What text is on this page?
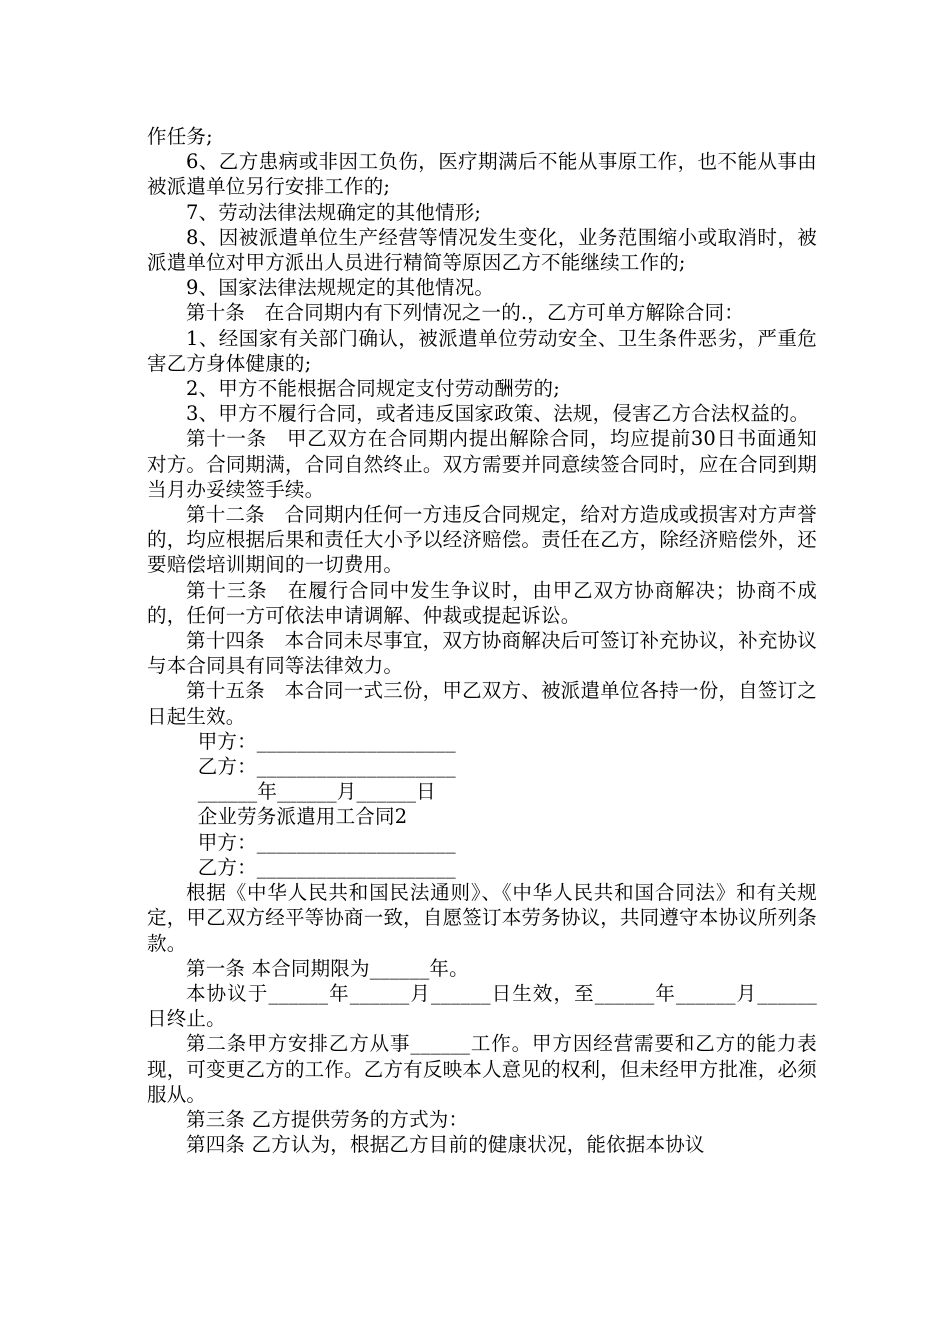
作任务;

6、乙方患病或非因工负伤，医疗期满后不能从事原工作，也不能从事由被派遣单位另行安排工作的;

7、劳动法律法规确定的其他情形;

8、因被派遣单位生产经营等情况发生变化，业务范围缩小或取消时，被派遣单位对甲方派出人员进行精简等原因乙方不能继续工作的;

9、国家法律法规规定的其他情况。

第十条　在合同期内有下列情况之一的.，乙方可单方解除合同：

1、经国家有关部门确认，被派遣单位劳动安全、卫生条件恶劣，严重危害乙方身体健康的;

2、甲方不能根据合同规定支付劳动酬劳的;

3、甲方不履行合同，或者违反国家政策、法规，侵害乙方合法权益的。

第十一条　甲乙双方在合同期内提出解除合同，均应提前30日书面通知对方。合同期满，合同自然终止。双方需要并同意续签合同时，应在合同到期当月办妥续签手续。

第十二条　合同期内任何一方违反合同规定，给对方造成或损害对方声誉的，均应根据后果和责任大小予以经济赔偿。责任在乙方，除经济赔偿外，还要赔偿培训期间的一切费用。

第十三条　在履行合同中发生争议时，由甲乙双方协商解决；协商不成的，任何一方可依法申请调解、仲裁或提起诉讼。

第十四条　本合同未尽事宜，双方协商解决后可签订补充协议，补充协议与本合同具有同等法律效力。

第十五条　本合同一式三份，甲乙双方、被派遣单位各持一份，自签订之日起生效。

甲方：____________________

乙方：____________________

______年______月______日

企业劳务派遣用工合同2

甲方：____________________

乙方：____________________

根据《中华人民共和国民法通则》、《中华人民共和国合同法》和有关规定，甲乙双方经平等协商一致，自愿签订本劳务协议，共同遵守本协议所列条款。

第一条 本合同期限为______年。

本协议于______年______月______日生效，至______年______月______日终止。

第二条甲方安排乙方从事______工作。甲方因经营需要和乙方的能力表现，可变更乙方的工作。乙方有反映本人意见的权利，但未经甲方批准，必须服从。

第三条 乙方提供劳务的方式为：

第四条 乙方认为，根据乙方目前的健康状况，能依据本协议
